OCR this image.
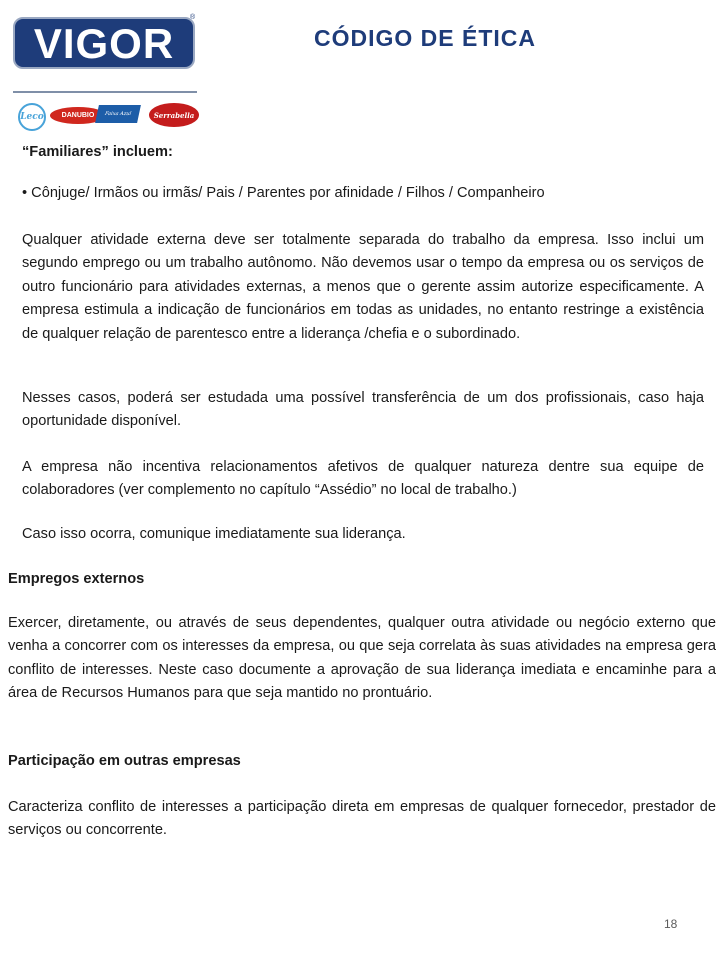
VIGOR
®
CÓDIGO DE ÉTICA
Leco	DANUBIO Faixa Azul	Serrabella
“Familiares” incluem:
• Cônjuge/ Irmãos ou irmãs/ Pais / Parentes por afinidade / Filhos / Companheiro
Qualquer atividade externa deve ser totalmente separada do trabalho da empresa. Isso inclui um segundo emprego ou um trabalho autônomo. Não devemos usar o tempo da empresa ou os serviços de outro funcionário para atividades externas, a menos que o gerente assim autorize especificamente. A empresa estimula a indicação de funcionários em todas as unidades, no entanto restringe a existência de qualquer relação de parentesco entre a liderança /chefia e o subordinado.
Nesses casos, poderá ser estudada uma possível transferência de um dos profissionais, caso haja oportunidade disponível.
A empresa não incentiva relacionamentos afetivos de qualquer natureza dentre sua equipe de colaboradores (ver complemento no capítulo “Assédio” no local de trabalho.)
Caso isso ocorra, comunique imediatamente sua liderança.
Empregos externos
Exercer, diretamente, ou através de seus dependentes, qualquer outra atividade ou negócio externo que venha a concorrer com os interesses da empresa, ou que seja correlata às suas atividades na empresa gera conflito de interesses. Neste caso documente a aprovação de sua liderança imediata e encaminhe para a área de Recursos Humanos para que seja mantido no prontuário.
Participação em outras empresas
Caracteriza conflito de interesses a participação direta em empresas de qualquer fornecedor, prestador de serviços ou concorrente.
18
